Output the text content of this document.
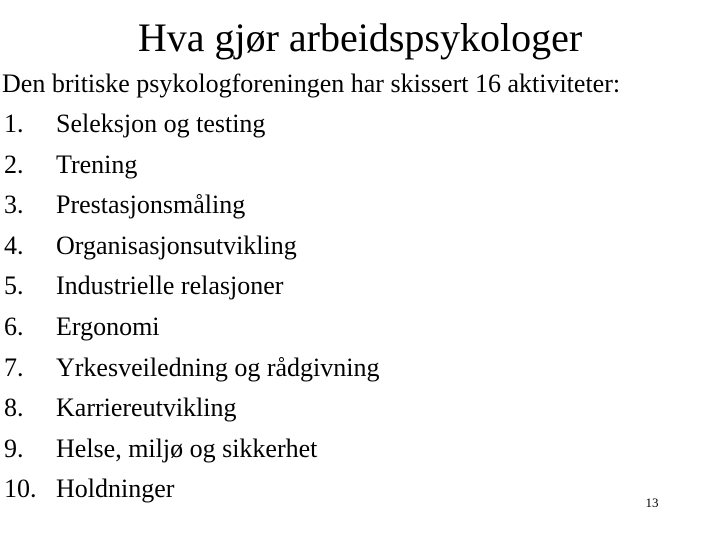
Hva gjør arbeidspsykologer
Den britiske psykologforeningen har skissert 16 aktiviteter:
1. Seleksjon og testing
2. Trening
3. Prestasjonsmåling
4. Organisasjonsutvikling
5. Industrielle relasjoner
6. Ergonomi
7. Yrkesveiledning og rådgivning
8. Karriereutvikling
9. Helse, miljø og sikkerhet
10. Holdninger	13
